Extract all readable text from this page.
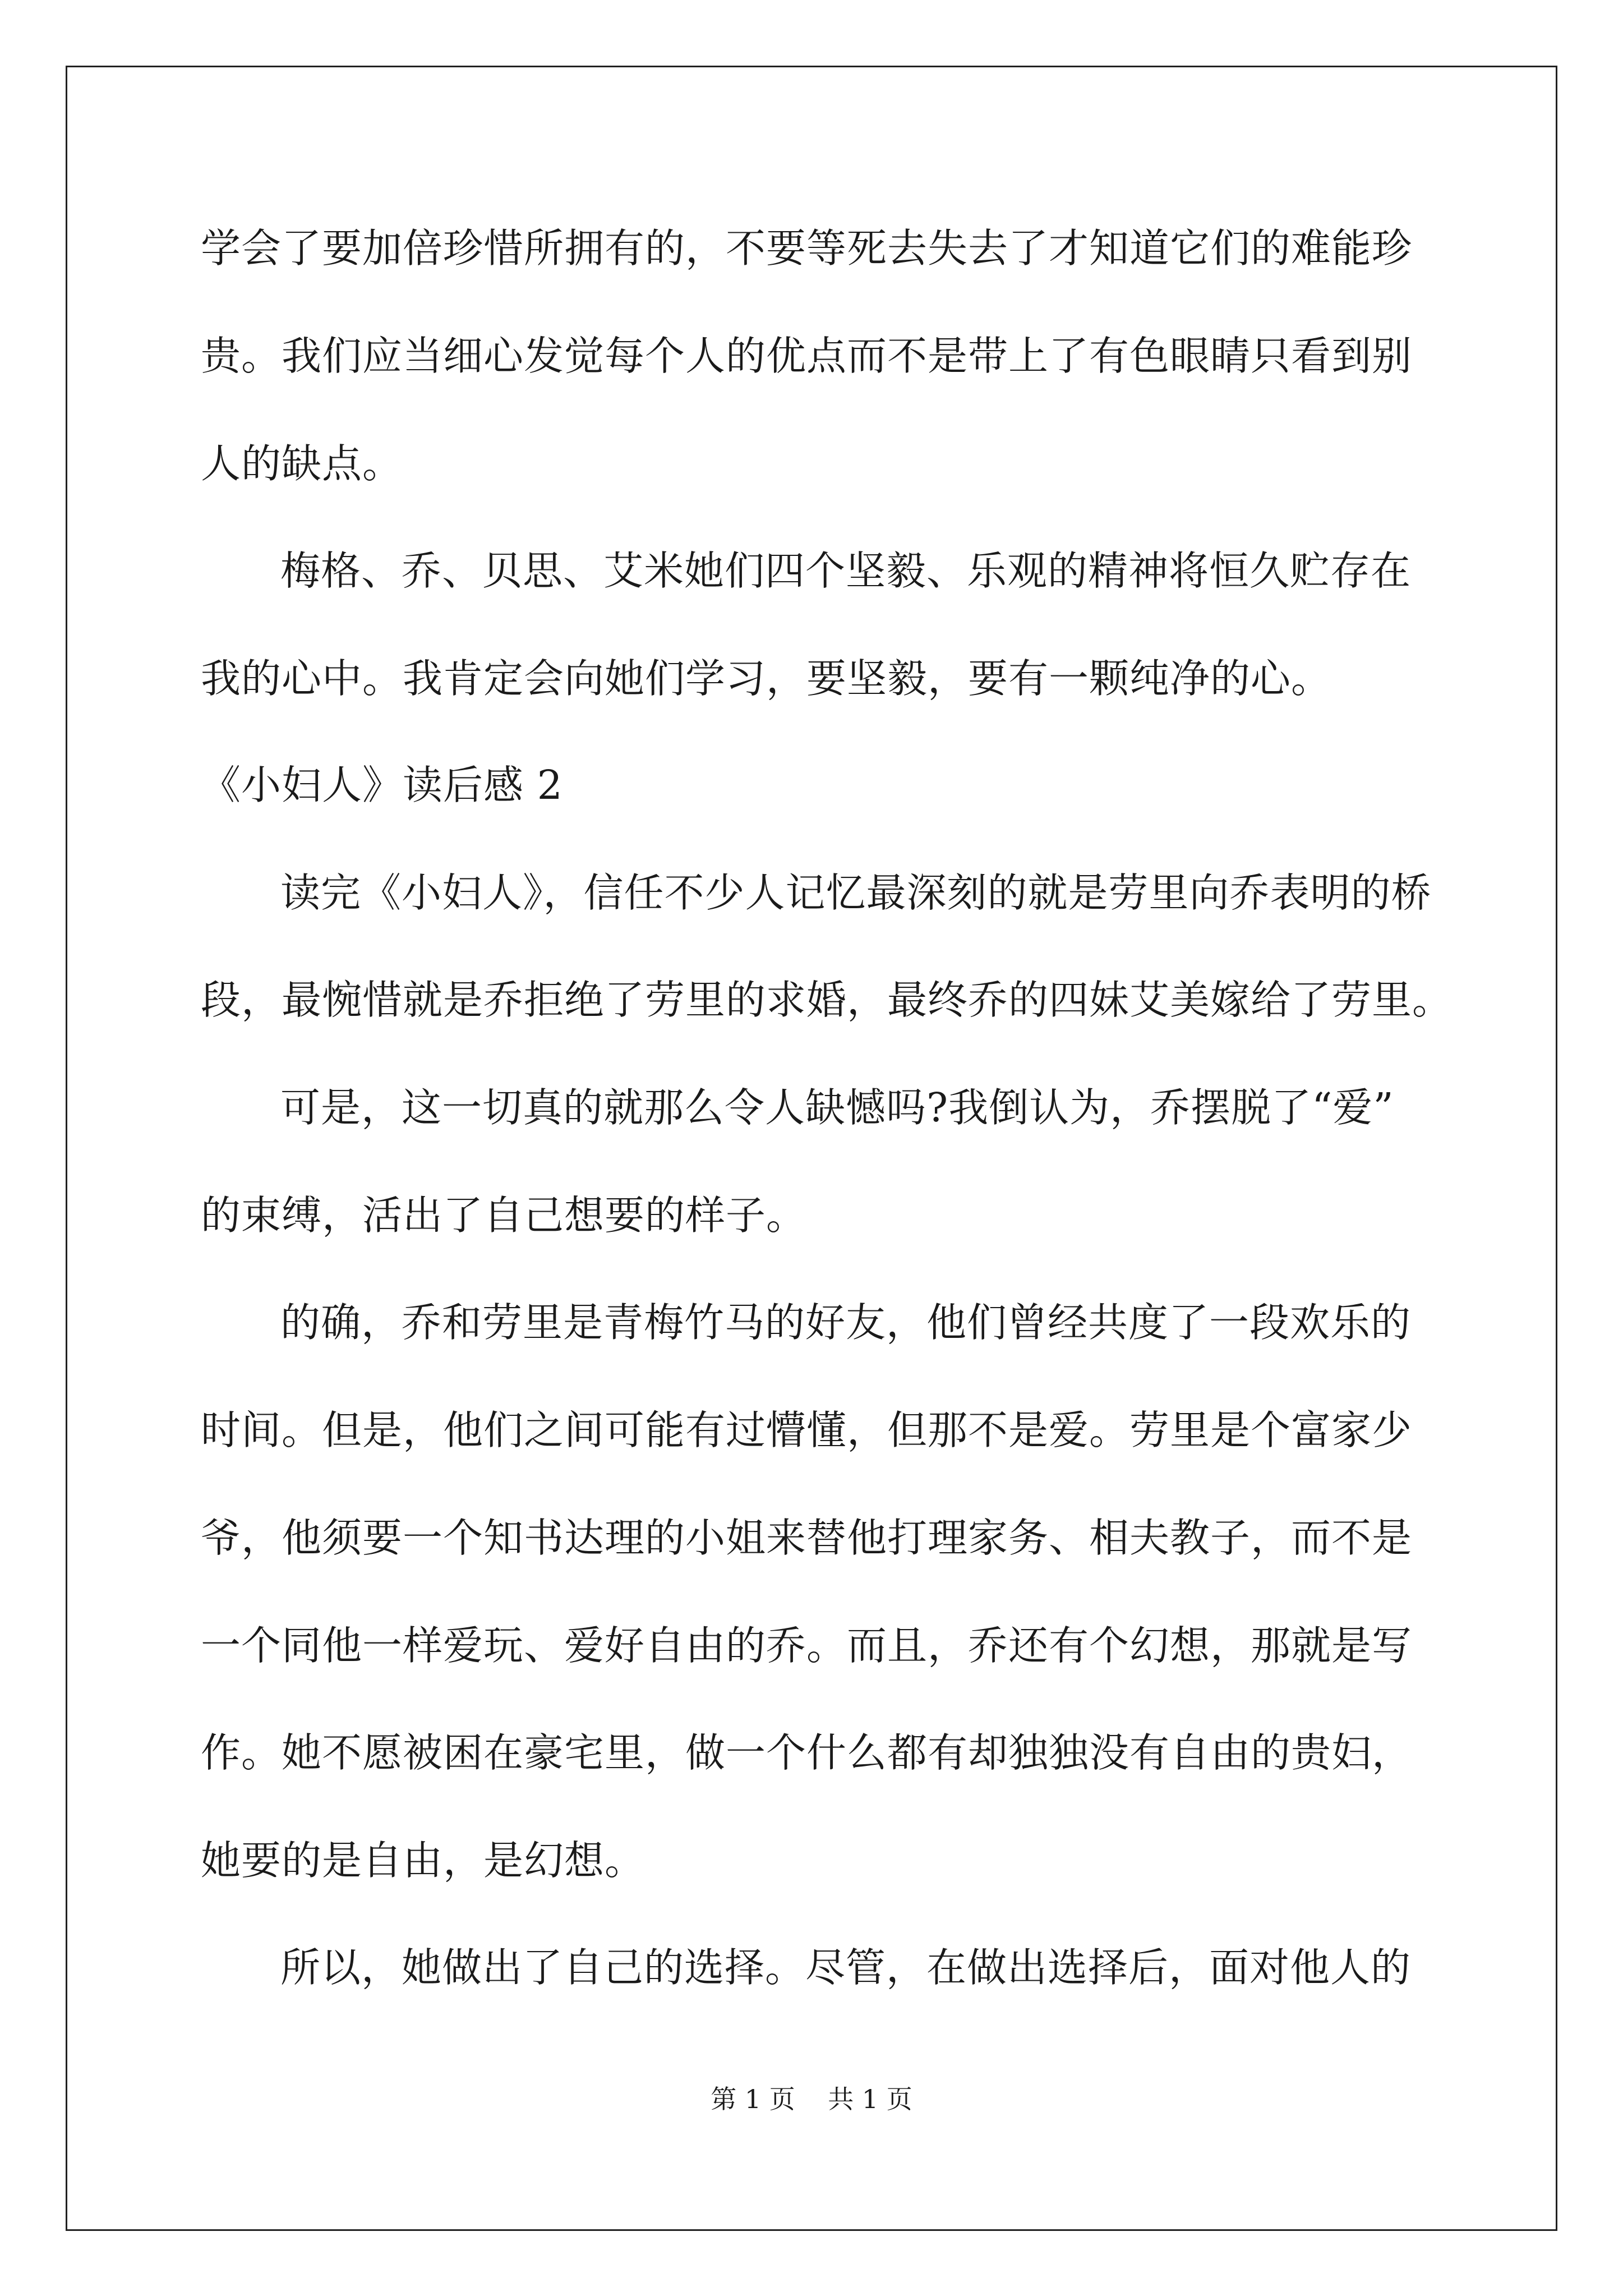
学会了要加倍珍惜所拥有的，不要等死去失去了才知道它们的难能珍
贵。我们应当细心发觉每个人的优点而不是带上了有色眼睛只看到别
人的缺点。
梅格、乔、贝思、艾米她们四个坚毅、乐观的精神将恒久贮存在
我的心中。我肯定会向她们学习，要坚毅，要有一颗纯净的心。
《小妇人》读后感 2
读完《小妇人》，信任不少人记忆最深刻的就是劳里向乔表明的桥
段，最惋惜就是乔拒绝了劳里的求婚，最终乔的四妹艾美嫁给了劳里。
可是，这一切真的就那么令人缺憾吗?我倒认为，乔摆脱了“爱”
的束缚，活出了自己想要的样子。
的确，乔和劳里是青梅竹马的好友，他们曾经共度了一段欢乐的
时间。但是，他们之间可能有过懵懂，但那不是爱。劳里是个富家少
爷，他须要一个知书达理的小姐来替他打理家务、相夫教子，而不是
一个同他一样爱玩、爱好自由的乔。而且，乔还有个幻想，那就是写
作。她不愿被困在豪宅里，做一个什么都有却独独没有自由的贵妇，
她要的是自由，是幻想。
所以，她做出了自己的选择。尽管，在做出选择后，面对他人的
第 1 页    共 1 页
